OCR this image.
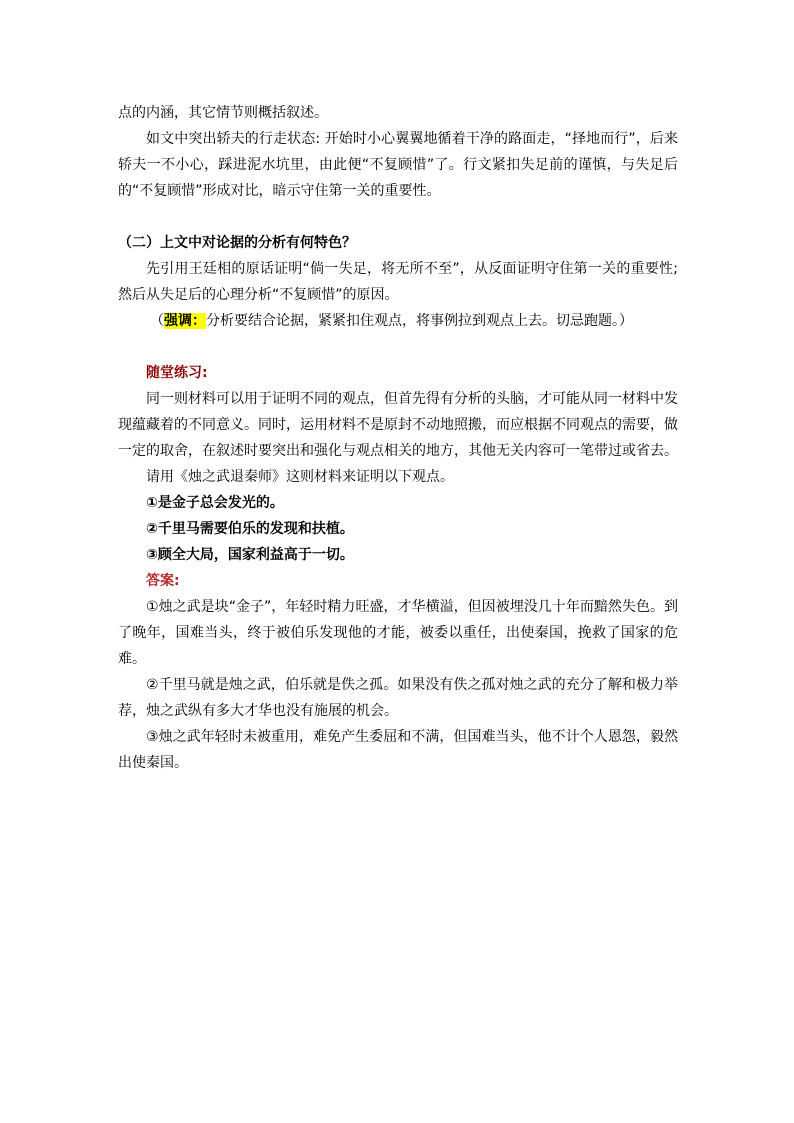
点的内涵，其它情节则概括叙述。

如文中突出轿夫的行走状态: 开始时小心翼翼地循着干净的路面走，“择地而行”，后来轿夫一不小心，踩进泥水坑里，由此便“不复顾惜”了。行文紧扣失足前的谨慎，与失足后的“不复顾惜”形成对比，暗示守住第一关的重要性。

（二）上文中对论据的分析有何特色？

先引用王廷相的原话证明“倘一失足，将无所不至”，从反面证明守住第一关的重要性;然后从失足后的心理分析“不复顾惜”的原因。

（强调：分析要结合论据，紧紧扣住观点，将事例拉到观点上去。切忌跑题。）

随堂练习:

同一则材料可以用于证明不同的观点，但首先得有分析的头脑，才可能从同一材料中发现蕴藏着的不同意义。同时，运用材料不是原封不动地照搬，而应根据不同观点的需要，做一定的取舍，在叙述时要突出和强化与观点相关的地方，其他无关内容可一笔带过或省去。

请用《烛之武退秦师》这则材料来证明以下观点。

①是金子总会发光的。

②千里马需要伯乐的发现和扶植。

③顾全大局，国家利益高于一切。

答案:

①烛之武是块“金子”，年轻时精力旺盛，才华横溢，但因被埋没几十年而黯然失色。到了晚年，国难当头，终于被伯乐发现他的才能，被委以重任，出使秦国，挽救了国家的危难。

②千里马就是烛之武，伯乐就是佚之孤。如果没有佚之孤对烛之武的充分了解和极力举荐，烛之武纵有多大才华也没有施展的机会。

③烛之武年轻时未被重用，难免产生委屈和不满，但国难当头，他不计个人恩怨，毅然出使秦国。
